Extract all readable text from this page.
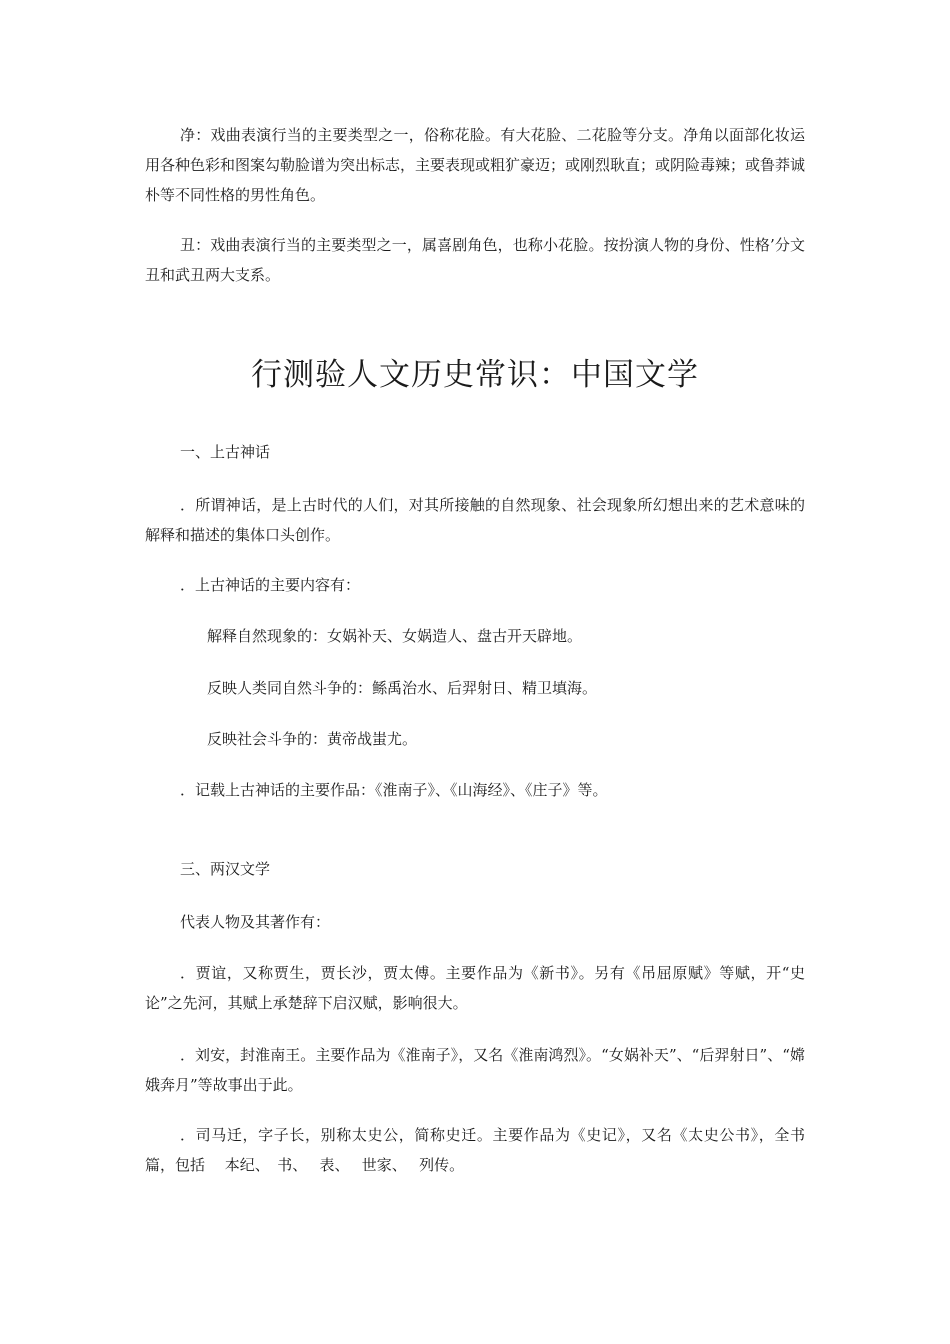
净：戏曲表演行当的主要类型之一，俗称花脸。有大花脸、二花脸等分支。净角以面部化妆运用各种色彩和图案勾勒脸谱为突出标志，主要表现或粗犷豪迈；或刚烈耿直；或阴险毒辣；或鲁莽诚朴等不同性格的男性角色。

丑：戏曲表演行当的主要类型之一，属喜剧角色，也称小花脸。按扮演人物的身份、性格’分文丑和武丑两大支系。

行测验人文历史常识：中国文学

一、上古神话

．所谓神话，是上古时代的人们，对其所接触的自然现象、社会现象所幻想出来的艺术意味的解释和描述的集体口头创作。

．上古神话的主要内容有：

解释自然现象的：女娲补天、女娲造人、盘古开天辟地。

反映人类同自然斗争的：鲧禹治水、后羿射日、精卫填海。

反映社会斗争的：黄帝战蚩尤。

．记载上古神话的主要作品：《淮南子》、《山海经》、《庄子》等。

三、两汉文学

代表人物及其著作有：

．贾谊，又称贾生，贾长沙，贾太傅。主要作品为《新书》。另有《吊屈原赋》等赋，开“史论”之先河，其赋上承楚辞下启汉赋，影响很大。

．刘安，封淮南王。主要作品为《淮南子》，又名《淮南鸿烈》。“女娲补天”、“后羿射日”、“嫦娥奔月”等故事出于此。

．司马迁，字子长，别称太史公，简称史迁。主要作品为《史记》，又名《太史公书》，全书　　篇，包括　 本纪、　书、　 表、　 世家、　 列传。
